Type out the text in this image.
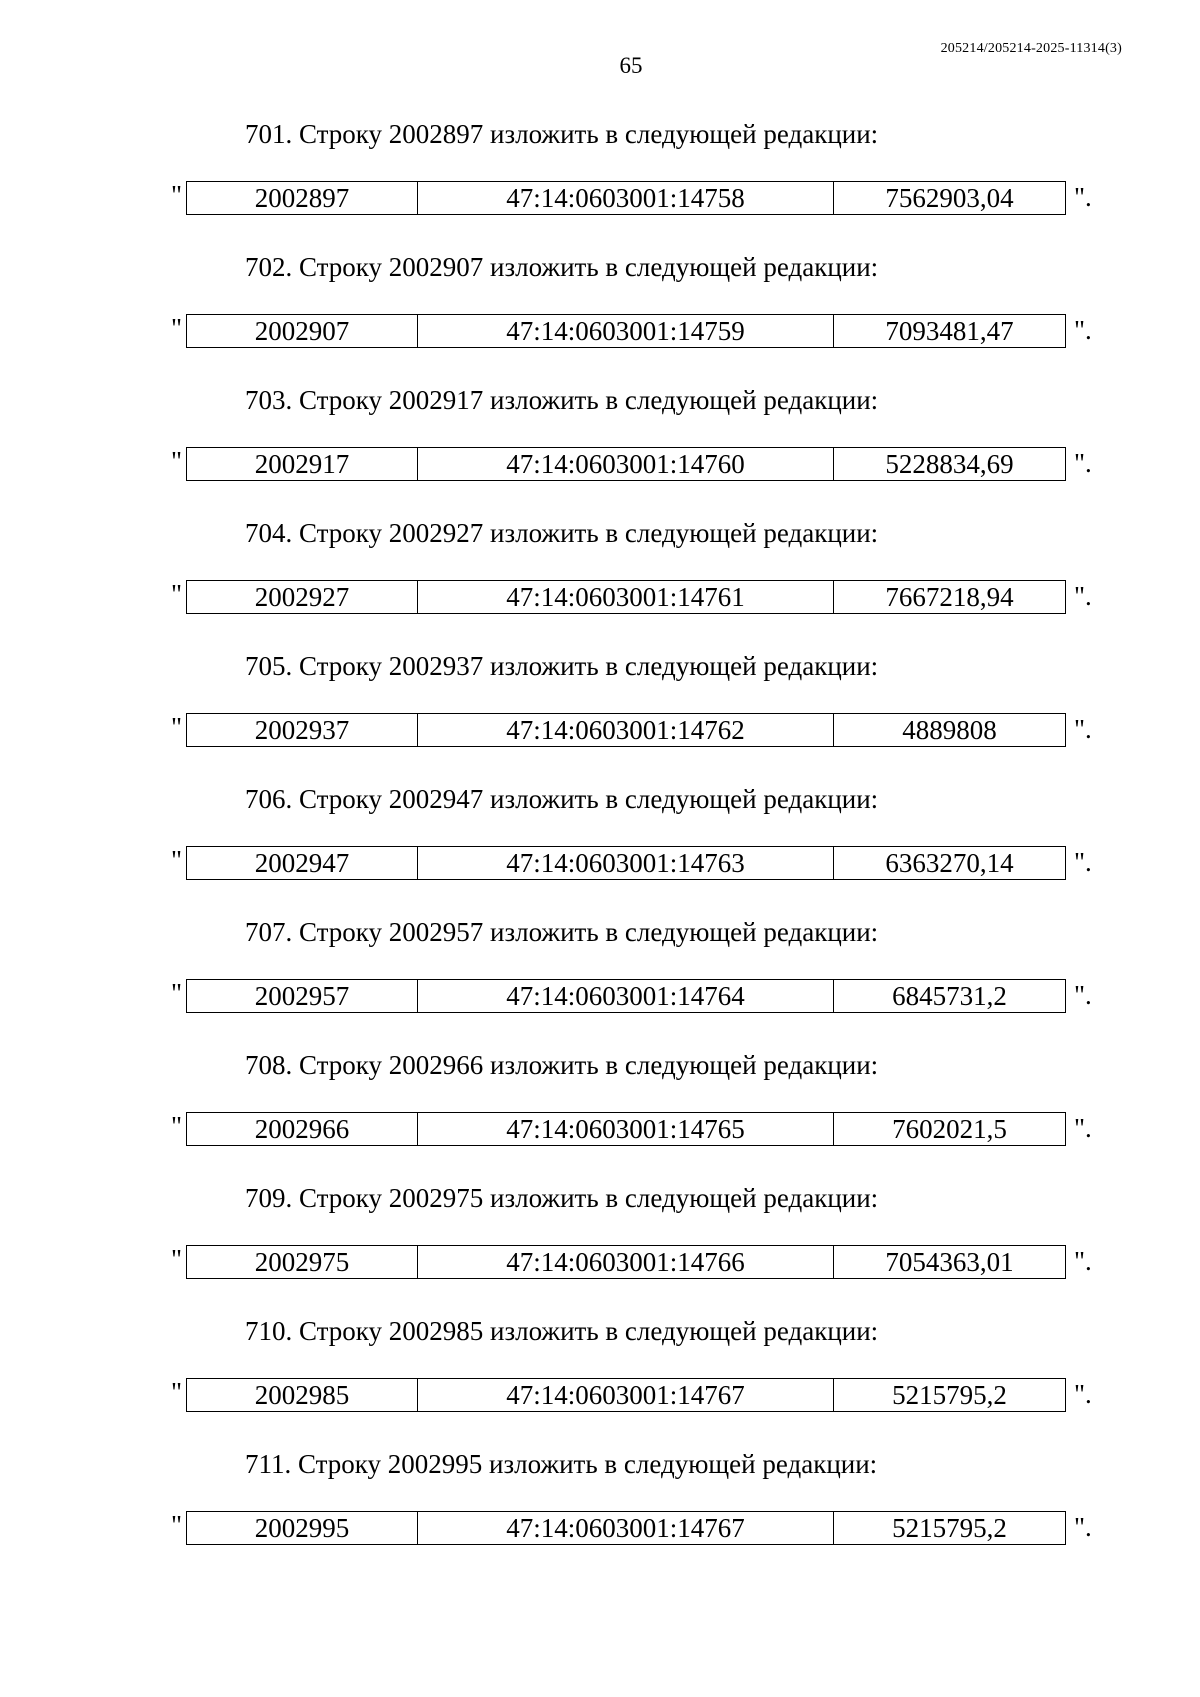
65
205214/205214-2025-11314(3)
701. Строку 2002897 изложить в следующей редакции:
"	2002897	47:14:0603001:14758	7562903,04 ".
702. Строку 2002907 изложить в следующей редакции:
"	2002907	47:14:0603001:14759	7093481,47 ".
703. Строку 2002917 изложить в следующей редакции:
"	2002917	47:14:0603001:14760	5228834,69 ".
704. Строку 2002927 изложить в следующей редакции:
"	2002927	47:14:0603001:14761	7667218,94 ".
705. Строку 2002937 изложить в следующей редакции:
"	2002937	47:14:0603001:14762	4889808	".
706. Строку 2002947 изложить в следующей редакции:
"	2002947	47:14:0603001:14763	6363270,14 ".
707. Строку 2002957 изложить в следующей редакции:
"	2002957	47:14:0603001:14764	6845731,2 ".
708. Строку 2002966 изложить в следующей редакции:
"	2002966	47:14:0603001:14765	7602021,5 ".
709. Строку 2002975 изложить в следующей редакции:
"	2002975	47:14:0603001:14766	7054363,01 ".
710. Строку 2002985 изложить в следующей редакции:
"	2002985	47:14:0603001:14767	5215795,2 ".
711. Строку 2002995 изложить в следующей редакции:
"	2002995	47:14:0603001:14767	5215795,2 ".
